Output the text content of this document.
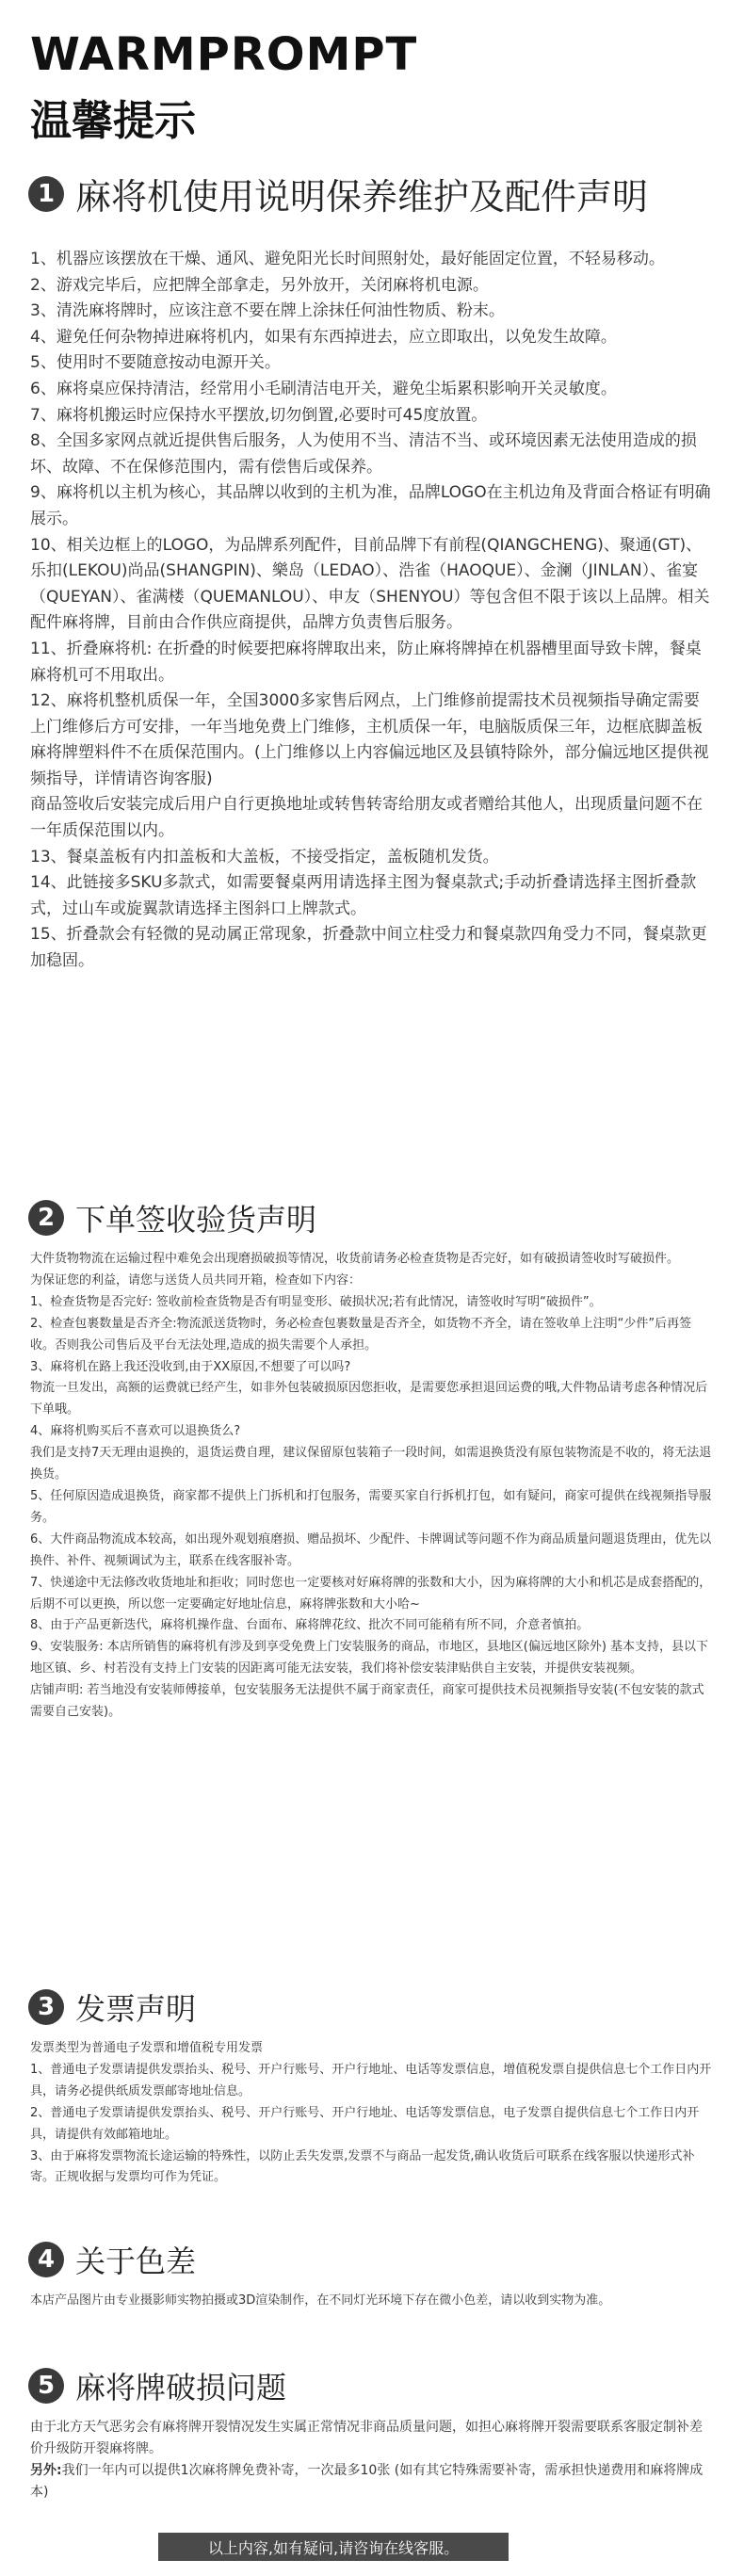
WARMPROMPT
温馨提示
1 麻将机使用说明保养维护及配件声明

1、机器应该摆放在干燥、通风、避免阳光长时间照射处，最好能固定位置，不轻易移动。

2、游戏完毕后，应把牌全部拿走，另外放开，关闭麻将机电源。

3、清洗麻将牌时，应该注意不要在牌上涂抹任何油性物质、粉末。

4、避免任何杂物掉进麻将机内，如果有东西掉进去，应立即取出，以免发生故障。

5、使用时不要随意按动电源开关。

6、麻将桌应保持清洁，经常用小毛刷清洁电开关，避免尘垢累积影响开关灵敏度。

7、麻将机搬运时应保持水平摆放,切勿倒置,必要时可45度放置。

8、全国多家网点就近提供售后服务，人为使用不当、清洁不当、或环境因素无法使用造成的损坏、故障、不在保修范围内，需有偿售后或保养。

9、麻将机以主机为核心，其品牌以收到的主机为准，品牌LOGO在主机边角及背面合格证有明确展示。

10、相关边框上的LOGO，为品牌系列配件，目前品牌下有前程(QIANGCHENG)、聚通(GT)、乐扣(LEKOU)尚品(SHANGPIN)、樂岛（LEDAO）、浩雀（HAOQUE）、金澜（JINLAN）、雀宴（QUEYAN）、雀满楼（QUEMANLOU）、申友（SHENYOU）等包含但不限于该以上品牌。相关配件麻将牌，目前由合作供应商提供，品牌方负责售后服务。

11、折叠麻将机: 在折叠的时候要把麻将牌取出来，防止麻将牌掉在机器槽里面导致卡牌，餐桌麻将机可不用取出。

12、麻将机整机质保一年，全国3000多家售后网点，上门维修前提需技术员视频指导确定需要上门维修后方可安排，一年当地免费上门维修，主机质保一年，电脑版质保三年，边框底脚盖板麻将牌塑料件不在质保范围内。(上门维修以上内容偏远地区及县镇特除外，部分偏远地区提供视频指导，详情请咨询客服)

商品签收后安装完成后用户自行更换地址或转售转寄给朋友或者赠给其他人，出现质量问题不在一年质保范围以内。

13、餐桌盖板有内扣盖板和大盖板，不接受指定，盖板随机发货。

14、此链接多SKU多款式，如需要餐桌两用请选择主图为餐桌款式;手动折叠请选择主图折叠款式，过山车或旋翼款请选择主图斜口上牌款式。

15、折叠款会有轻微的晃动属正常现象，折叠款中间立柱受力和餐桌款四角受力不同，餐桌款更加稳固。

2 下单签收验货声明

大件货物物流在运输过程中难免会出现磨损破损等情况，收货前请务必检查货物是否完好，如有破损请签收时写破损件。

为保证您的利益，请您与送货人员共同开箱，检查如下内容：

1、检查货物是否完好: 签收前检查货物是否有明显变形、破损状况;若有此情况，请签收时写明“破损件”。

2、检查包裹数量是否齐全:物流派送货物时，务必检查包裹数量是否齐全，如货物不齐全，请在签收单上注明“少件”后再签收。否则我公司售后及平台无法处理,造成的损失需要个人承担。

3、麻将机在路上我还没收到,由于XX原因,不想要了可以吗?

物流一旦发出，高额的运费就已经产生，如非外包装破损原因您拒收，是需要您承担退回运费的哦,大件物品请考虑各种情况后下单哦。

4、麻将机购买后不喜欢可以退换货么?

我们是支持7天无理由退换的，退货运费自理，建议保留原包装箱子一段时间，如需退换货没有原包装物流是不收的，将无法退换货。

5、任何原因造成退换货，商家都不提供上门拆机和打包服务，需要买家自行拆机打包，如有疑问，商家可提供在线视频指导服务。

6、大件商品物流成本较高，如出现外观划痕磨损、赠品损坏、少配件、卡牌调试等问题不作为商品质量问题退货理由，优先以换件、补件、视频调试为主，联系在线客服补寄。

7、快递途中无法修改收货地址和拒收；同时您也一定要核对好麻将牌的张数和大小，因为麻将牌的大小和机芯是成套搭配的，后期不可以更换，所以您一定要确定好地址信息，麻将牌张数和大小哈~

8、由于产品更新迭代，麻将机操作盘、台面布、麻将牌花纹、批次不同可能稍有所不同，介意者慎拍。

9、安装服务: 本店所销售的麻将机有涉及到享受免费上门安装服务的商品，市地区，县地区(偏远地区除外) 基本支持，县以下地区镇、乡、村若没有支持上门安装的因距离可能无法安装，我们将补偿安装津贴供自主安装，并提供安装视频。

店铺声明: 若当地没有安装师傅接单，包安装服务无法提供不属于商家责任，商家可提供技术员视频指导安装(不包安装的款式需要自己安装)。

3 发票声明

发票类型为普通电子发票和增值税专用发票

1、普通电子发票请提供发票抬头、税号、开户行账号、开户行地址、电话等发票信息，增值税发票自提供信息七个工作日内开具，请务必提供纸质发票邮寄地址信息。

2、普通电子发票请提供发票抬头、税号、开户行账号、开户行地址、电话等发票信息，电子发票自提供信息七个工作日内开具，请提供有效邮箱地址。

3、由于麻将发票物流长途运输的特殊性，以防止丢失发票,发票不与商品一起发货,确认收货后可联系在线客服以快递形式补寄。正规收据与发票均可作为凭证。

4 关于色差

本店产品图片由专业摄影师实物拍摄或3D渲染制作，在不同灯光环境下存在微小色差，请以收到实物为准。

5 麻将牌破损问题

由于北方天气恶劣会有麻将牌开裂情况发生实属正常情况非商品质量问题，如担心麻将牌开裂需要联系客服定制补差价升级防开裂麻将牌。

另外:我们一年内可以提供1次麻将牌免费补寄，一次最多10张 (如有其它特殊需要补寄，需承担快递费用和麻将牌成本)

以上内容,如有疑问,请咨询在线客服。
